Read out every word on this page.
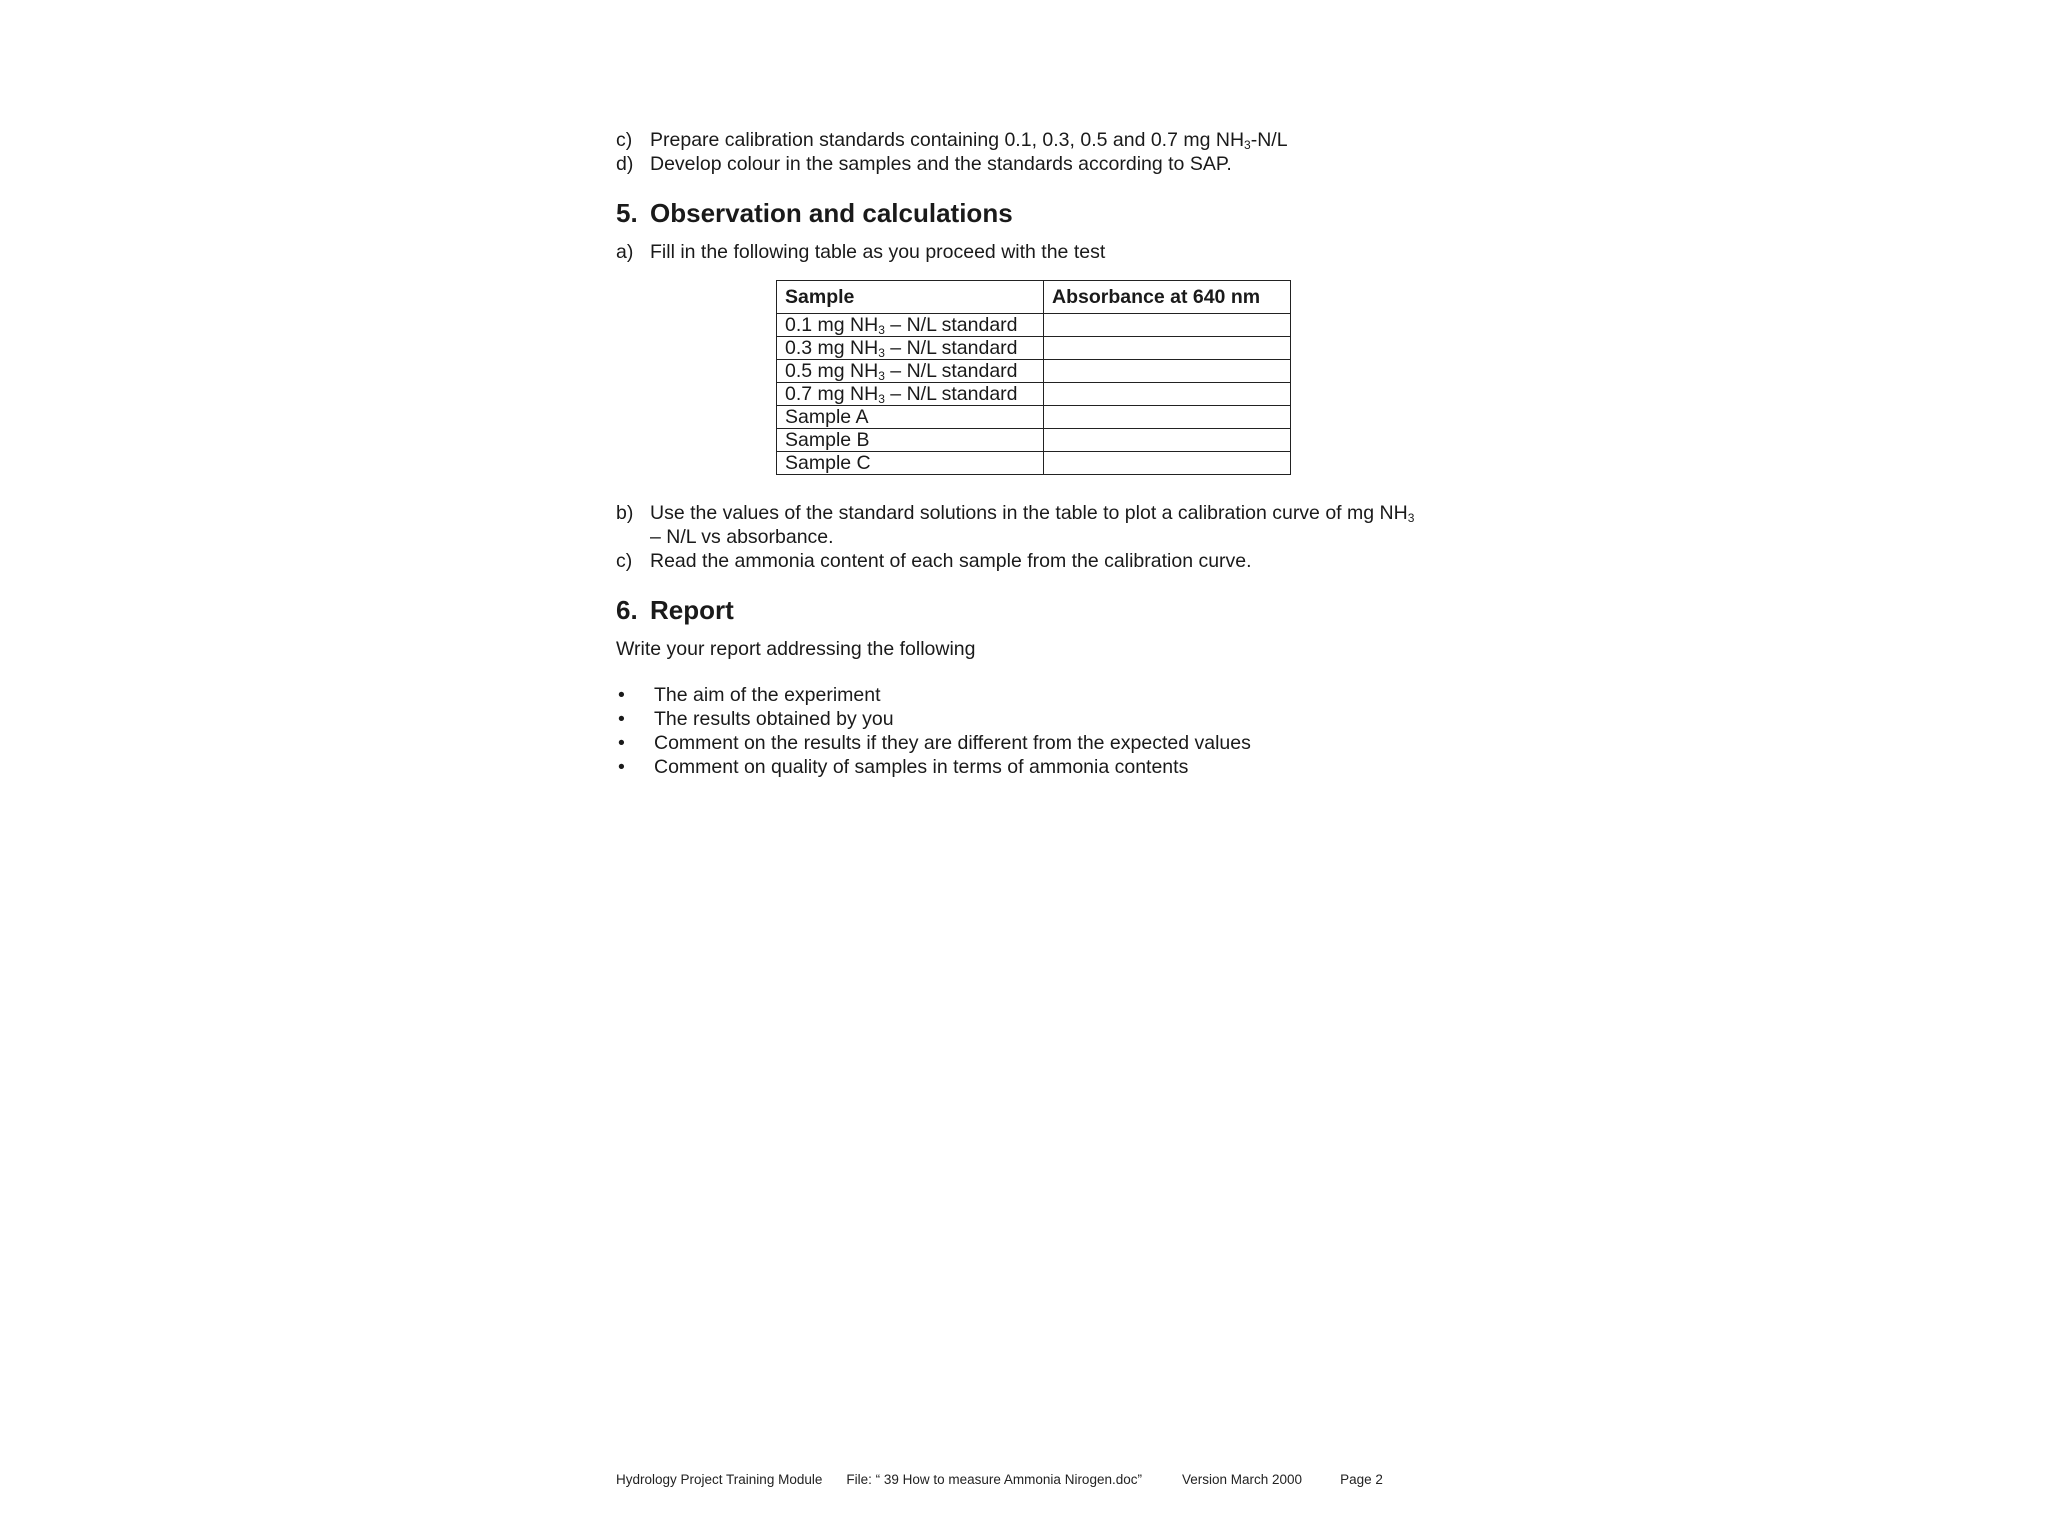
c) Prepare calibration standards containing 0.1, 0.3, 0.5 and 0.7 mg NH3-N/L
d) Develop colour in the samples and the standards according to SAP.
5. Observation and calculations
a) Fill in the following table as you proceed with the test
Sample	Absorbance at 640 nm
0.1 mg NH3 – N/L standard	
0.3 mg NH3 – N/L standard	
0.5 mg NH3 – N/L standard	
0.7 mg NH3 – N/L standard	
Sample A	
Sample B	
Sample C	
b) Use the values of the standard solutions in the table to plot a calibration curve of mg NH3
– N/L vs absorbance.
c) Read the ammonia content of each sample from the calibration curve.
6. Report
Write your report addressing the following
•	The aim of the experiment
•	The results obtained by you
•	Comment on the results if they are different from the expected values
•	Comment on quality of samples in terms of ammonia contents
Hydrology Project Training Module File: “ 39 How to measure Ammonia Nirogen.doc”	Version March 2000	Page 2
